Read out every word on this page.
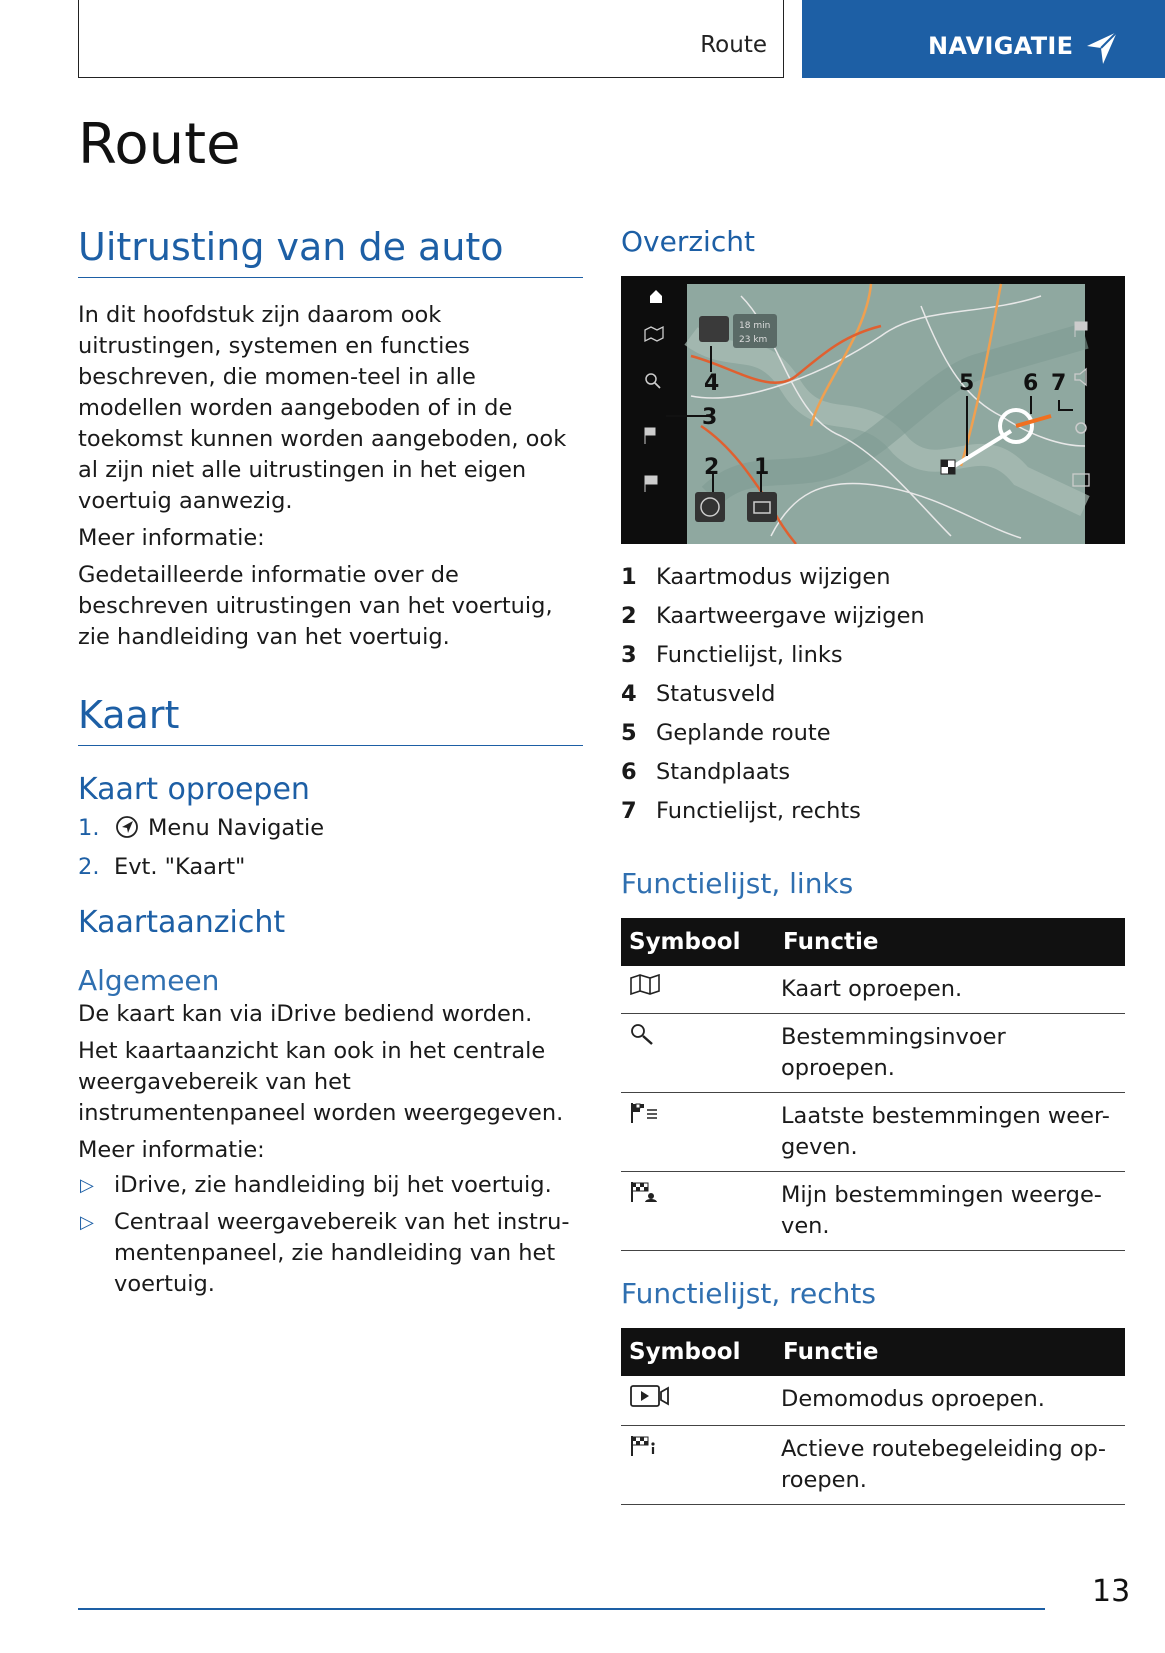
Route	NAVIGATIE
Route
Uitrusting van de auto

In dit hoofdstuk zijn daarom ook uitrustingen, systemen en functies beschreven, die momen-teel in alle modellen worden aangeboden of in de toekomst kunnen worden aangeboden, ook al zijn niet alle uitrustingen in het eigen voertuig aanwezig.

Meer informatie:

Gedetailleerde informatie over de beschreven uitrustingen van het voertuig, zie handleiding van het voertuig.

Kaart
Kaart oproepen
1. Menu Navigatie
2. Evt. "Kaart"
Kaartaanzicht
Algemeen

De kaart kan via iDrive bediend worden.

Het kaartaanzicht kan ook in het centrale weergavebereik van het instrumentenpaneel worden weergegeven.

Meer informatie:

▷ iDrive, zie handleiding bij het voertuig.
▷ Centraal weergavebereik van het instru-mentenpaneel, zie handleiding van het voertuig.
Overzicht
18 min
23 km
4
3
2 1
5 6 7
1 Kaartmodus wijzigen
2 Kaartweergave wijzigen
3 Functielijst, links
4 Statusveld
5 Geplande route
6 Standplaats
7 Functielijst, rechts
Functielijst, links
Symbool	Functie
	Kaart oproepen.
	Bestemmingsinvoer oproepen.
	Laatste bestemmingen weer-geven.
	Mijn bestemmingen weerge-ven.
Functielijst, rechts
Symbool	Functie
	Demomodus oproepen.
	Actieve routebegeleiding op-roepen.
13
